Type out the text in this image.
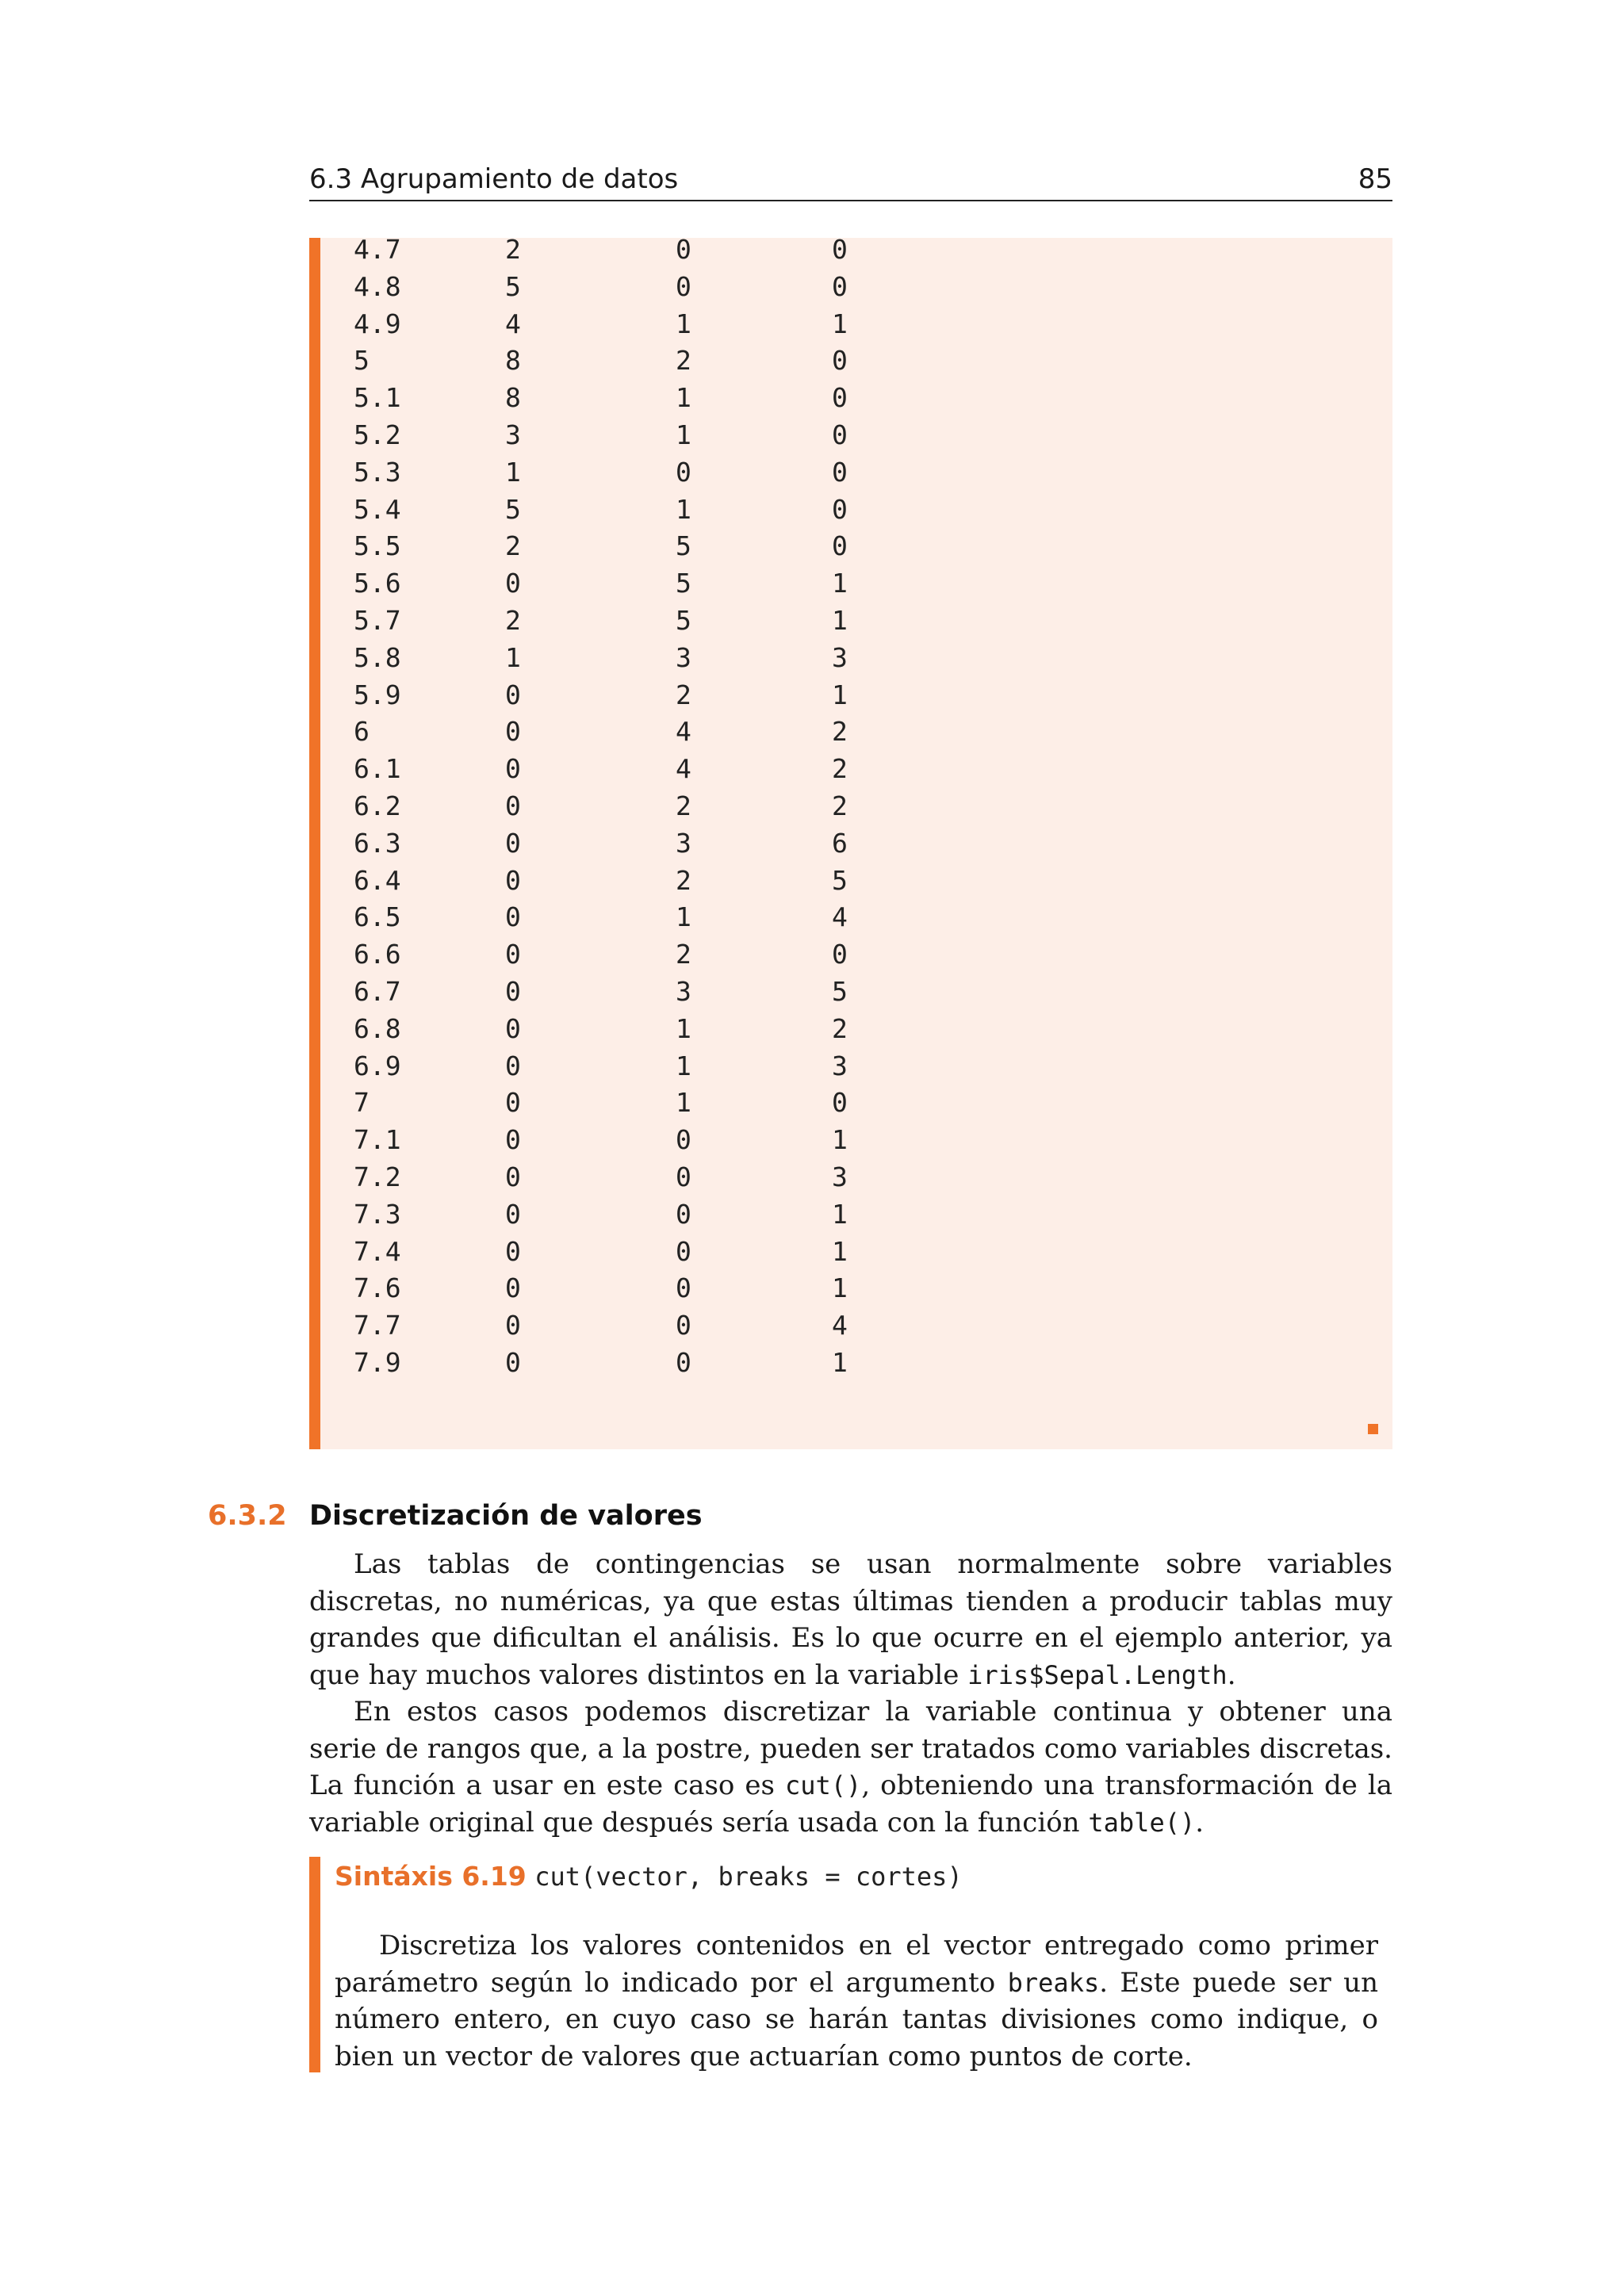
6.3 Agrupamiento de datos	85
4.7	2	0	0
4.8	5	0	0
4.9	4	1	1
5	8	2	0
5.1	8	1	0
5.2	3	1	0
5.3	1	0	0
5.4	5	1	0
5.5	2	5	0
5.6	0	5	1
5.7	2	5	1
5.8	1	3	3
5.9	0	2	1
6	0	4	2
6.1	0	4	2
6.2	0	2	2
6.3	0	3	6
6.4	0	2	5
6.5	0	1	4
6.6	0	2	0
6.7	0	3	5
6.8	0	1	2
6.9	0	1	3
7	0	1	0
7.1	0	0	1
7.2	0	0	3
7.3	0	0	1
7.4	0	0	1
7.6	0	0	1
7.7	0	0	4
7.9	0	0	1
6.3.2 Discretización de valores

Las tablas de contingencias se usan normalmente sobre variables discretas, no numéricas, ya que estas últimas tienden a producir tablas muy grandes que dificultan el análisis. Es lo que ocurre en el ejemplo anterior, ya que hay muchos valores distintos en la variable iris$Sepal.Length.

En estos casos podemos discretizar la variable continua y obtener una serie de rangos que, a la postre, pueden ser tratados como variables discretas. La función a usar en este caso es cut(), obteniendo una transformación de la variable original que después sería usada con la función table().

Sintáxis 6.19 cut(vector, breaks = cortes)

Discretiza los valores contenidos en el vector entregado como primer parámetro según lo indicado por el argumento breaks. Este puede ser un número entero, en cuyo caso se harán tantas divisiones como indique, o bien un vector de valores que actuarían como puntos de corte.
